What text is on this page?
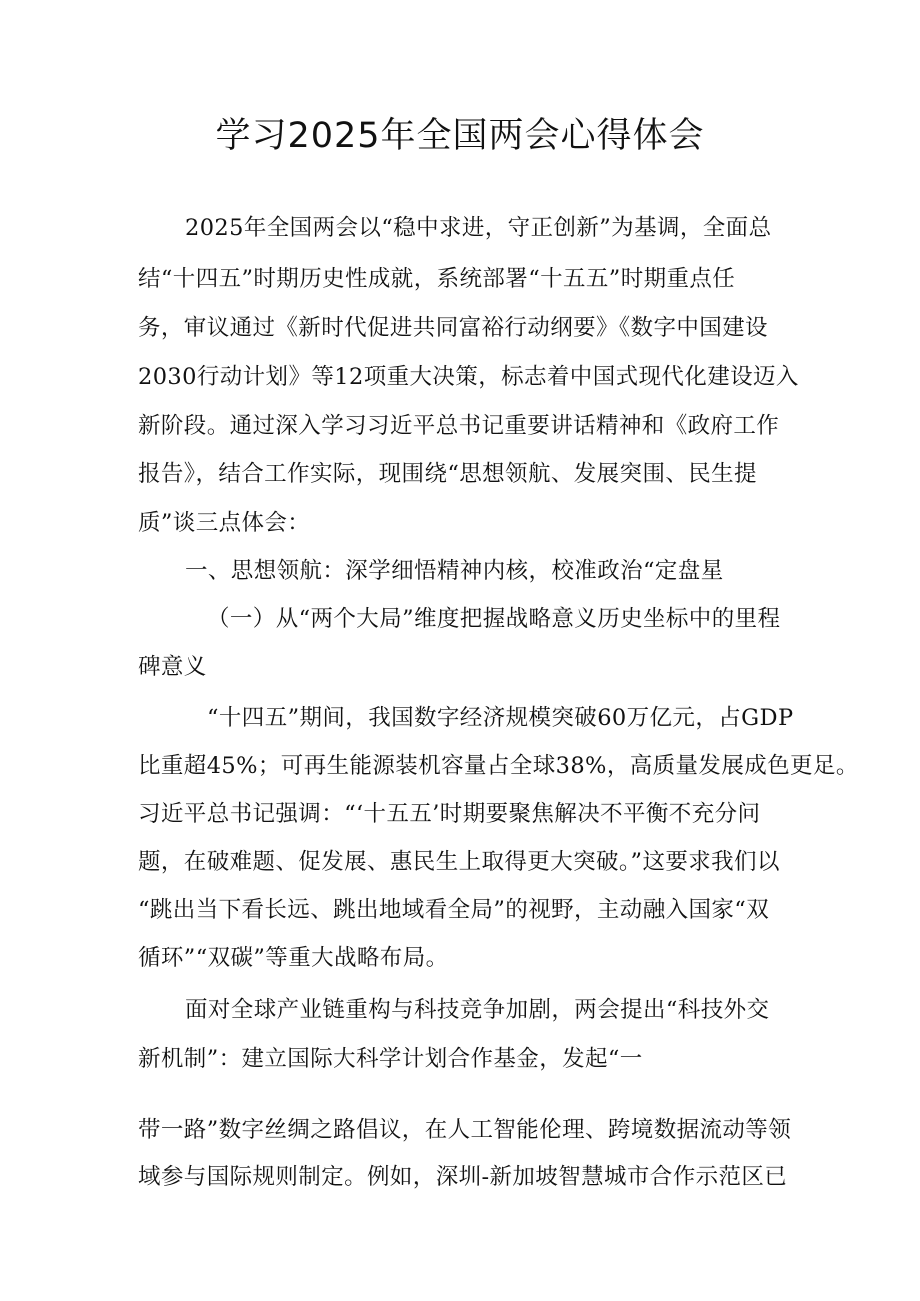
学习2025年全国两会心得体会
2025年全国两会以“稳中求进，守正创新”为基调，全面总
结“十四五”时期历史性成就，系统部署“十五五”时期重点任
务，审议通过《新时代促进共同富裕行动纲要》《数字中国建设
2030行动计划》等12项重大决策，标志着中国式现代化建设迈入
新阶段。通过深入学习习近平总书记重要讲话精神和《政府工作
报告》，结合工作实际，现围绕“思想领航、发展突围、民生提
质”谈三点体会：
一、思想领航：深学细悟精神内核，校准政治“定盘星
（一）从“两个大局”维度把握战略意义历史坐标中的里程
碑意义
“十四五”期间，我国数字经济规模突破60万亿元，占GDP
比重超45%；可再生能源装机容量占全球38%，高质量发展成色更足。
习近平总书记强调：“‘十五五’时期要聚焦解决不平衡不充分问
题，在破难题、促发展、惠民生上取得更大突破。”这要求我们以
“跳出当下看长远、跳出地域看全局”的视野，主动融入国家“双
循环”“双碳”等重大战略布局。
面对全球产业链重构与科技竞争加剧，两会提出“科技外交
新机制”：建立国际大科学计划合作基金，发起“一
带一路”数字丝绸之路倡议，在人工智能伦理、跨境数据流动等领
域参与国际规则制定。例如，深圳-新加坡智慧城市合作示范区已
